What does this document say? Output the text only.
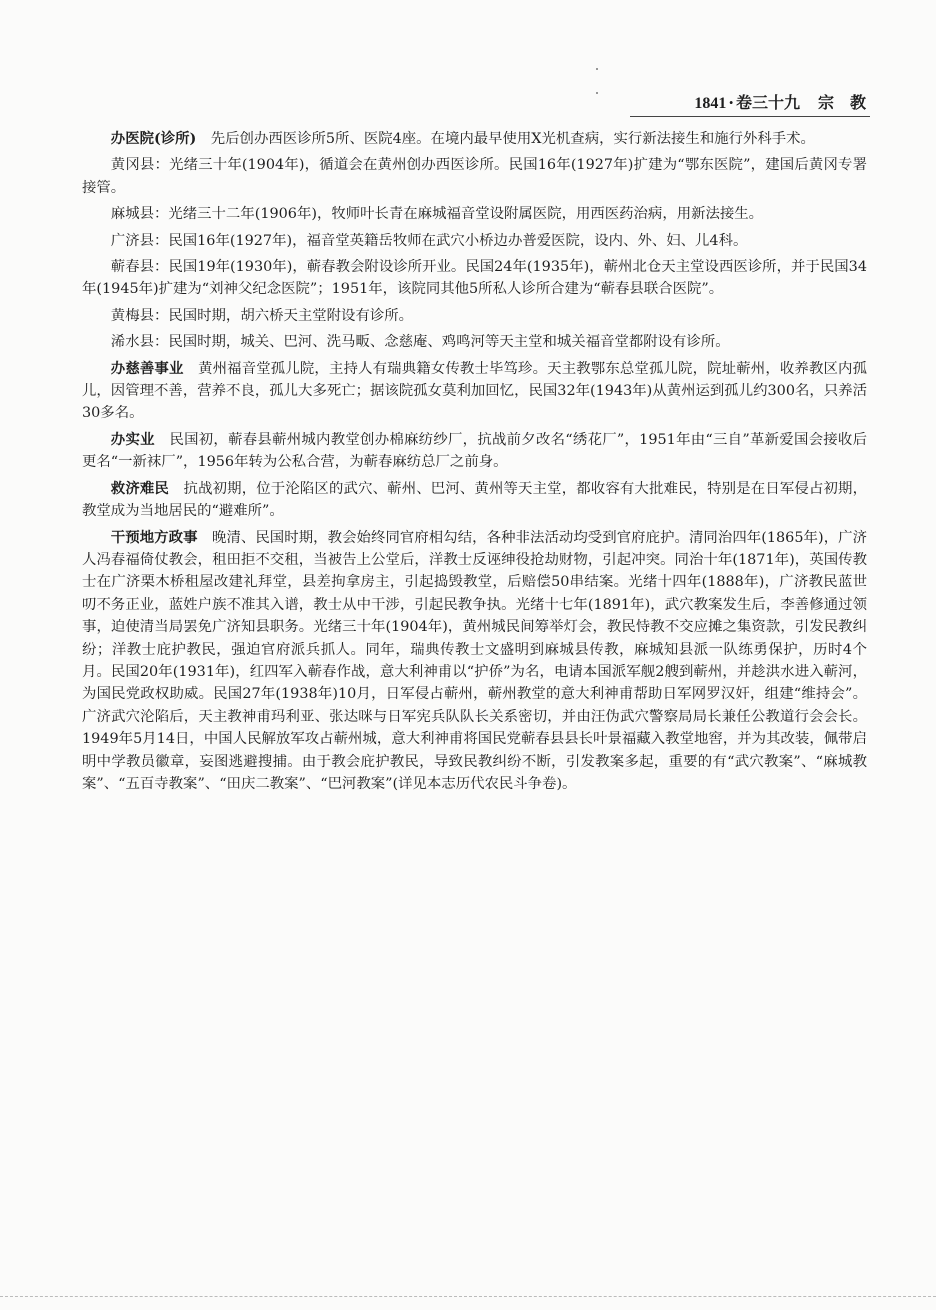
1841 · 卷三十九 宗　教

办医院(诊所)　先后创办西医诊所5所、医院4座。在境内最早使用X光机查病，实行新法接生和施行外科手术。

黄冈县：光绪三十年(1904年)，循道会在黄州创办西医诊所。民国16年(1927年)扩建为“鄂东医院”，建国后黄冈专署接管。

麻城县：光绪三十二年(1906年)，牧师叶长青在麻城福音堂设附属医院，用西医药治病，用新法接生。

广济县：民国16年(1927年)，福音堂英籍岳牧师在武穴小桥边办普爱医院，设内、外、妇、儿4科。

蕲春县：民国19年(1930年)，蕲春教会附设诊所开业。民国24年(1935年)，蕲州北仓天主堂设西医诊所，并于民国34年(1945年)扩建为“刘神父纪念医院”；1951年，该院同其他5所私人诊所合建为“蕲春县联合医院”。

黄梅县：民国时期，胡六桥天主堂附设有诊所。

浠水县：民国时期，城关、巴河、洗马畈、念慈庵、鸡鸣河等天主堂和城关福音堂都附设有诊所。

办慈善事业　黄州福音堂孤儿院，主持人有瑞典籍女传教士毕笃珍。天主教鄂东总堂孤儿院，院址蕲州，收养教区内孤儿，因管理不善，营养不良，孤儿大多死亡；据该院孤女莫利加回忆，民国32年(1943年)从黄州运到孤儿约300名，只养活30多名。

办实业　民国初，蕲春县蕲州城内教堂创办棉麻纺纱厂，抗战前夕改名“绣花厂”，1951年由“三自”革新爱国会接收后更名“一新袜厂”，1956年转为公私合营，为蕲春麻纺总厂之前身。

救济难民　抗战初期，位于沦陷区的武穴、蕲州、巴河、黄州等天主堂，都收容有大批难民，特别是在日军侵占初期，教堂成为当地居民的“避难所”。

干预地方政事　晚清、民国时期，教会始终同官府相勾结，各种非法活动均受到官府庇护。清同治四年(1865年)，广济人冯春福倚仗教会，租田拒不交租，当被告上公堂后，洋教士反诬绅役抢劫财物，引起冲突。同治十年(1871年)，英国传教士在广济栗木桥租屋改建礼拜堂，县差拘拿房主，引起捣毁教堂，后赔偿50串结案。光绪十四年(1888年)，广济教民蓝世叨不务正业，蓝姓户族不准其入谱，教士从中干涉，引起民教争执。光绪十七年(1891年)，武穴教案发生后，李善修通过领事，迫使清当局罢免广济知县职务。光绪三十年(1904年)，黄州城民间筹举灯会，教民恃教不交应摊之集资款，引发民教纠纷；洋教士庇护教民，强迫官府派兵抓人。同年，瑞典传教士文盛明到麻城县传教，麻城知县派一队练勇保护，历时4个月。民国20年(1931年)，红四军入蕲春作战，意大利神甫以“护侨”为名，电请本国派军舰2艘到蕲州，并趁洪水进入蕲河，为国民党政权助威。民国27年(1938年)10月，日军侵占蕲州，蕲州教堂的意大利神甫帮助日军网罗汉奸，组建“维持会”。广济武穴沦陷后，天主教神甫玛利亚、张达咪与日军宪兵队队长关系密切，并由汪伪武穴警察局局长兼任公教道行会会长。1949年5月14日，中国人民解放军攻占蕲州城，意大利神甫将国民党蕲春县县长叶景福藏入教堂地窖，并为其改装，佩带启明中学教员徽章，妄图逃避搜捕。由于教会庇护教民，导致民教纠纷不断，引发教案多起，重要的有“武穴教案”、“麻城教案”、“五百寺教案”、“田庆二教案”、“巴河教案”(详见本志历代农民斗争卷)。
